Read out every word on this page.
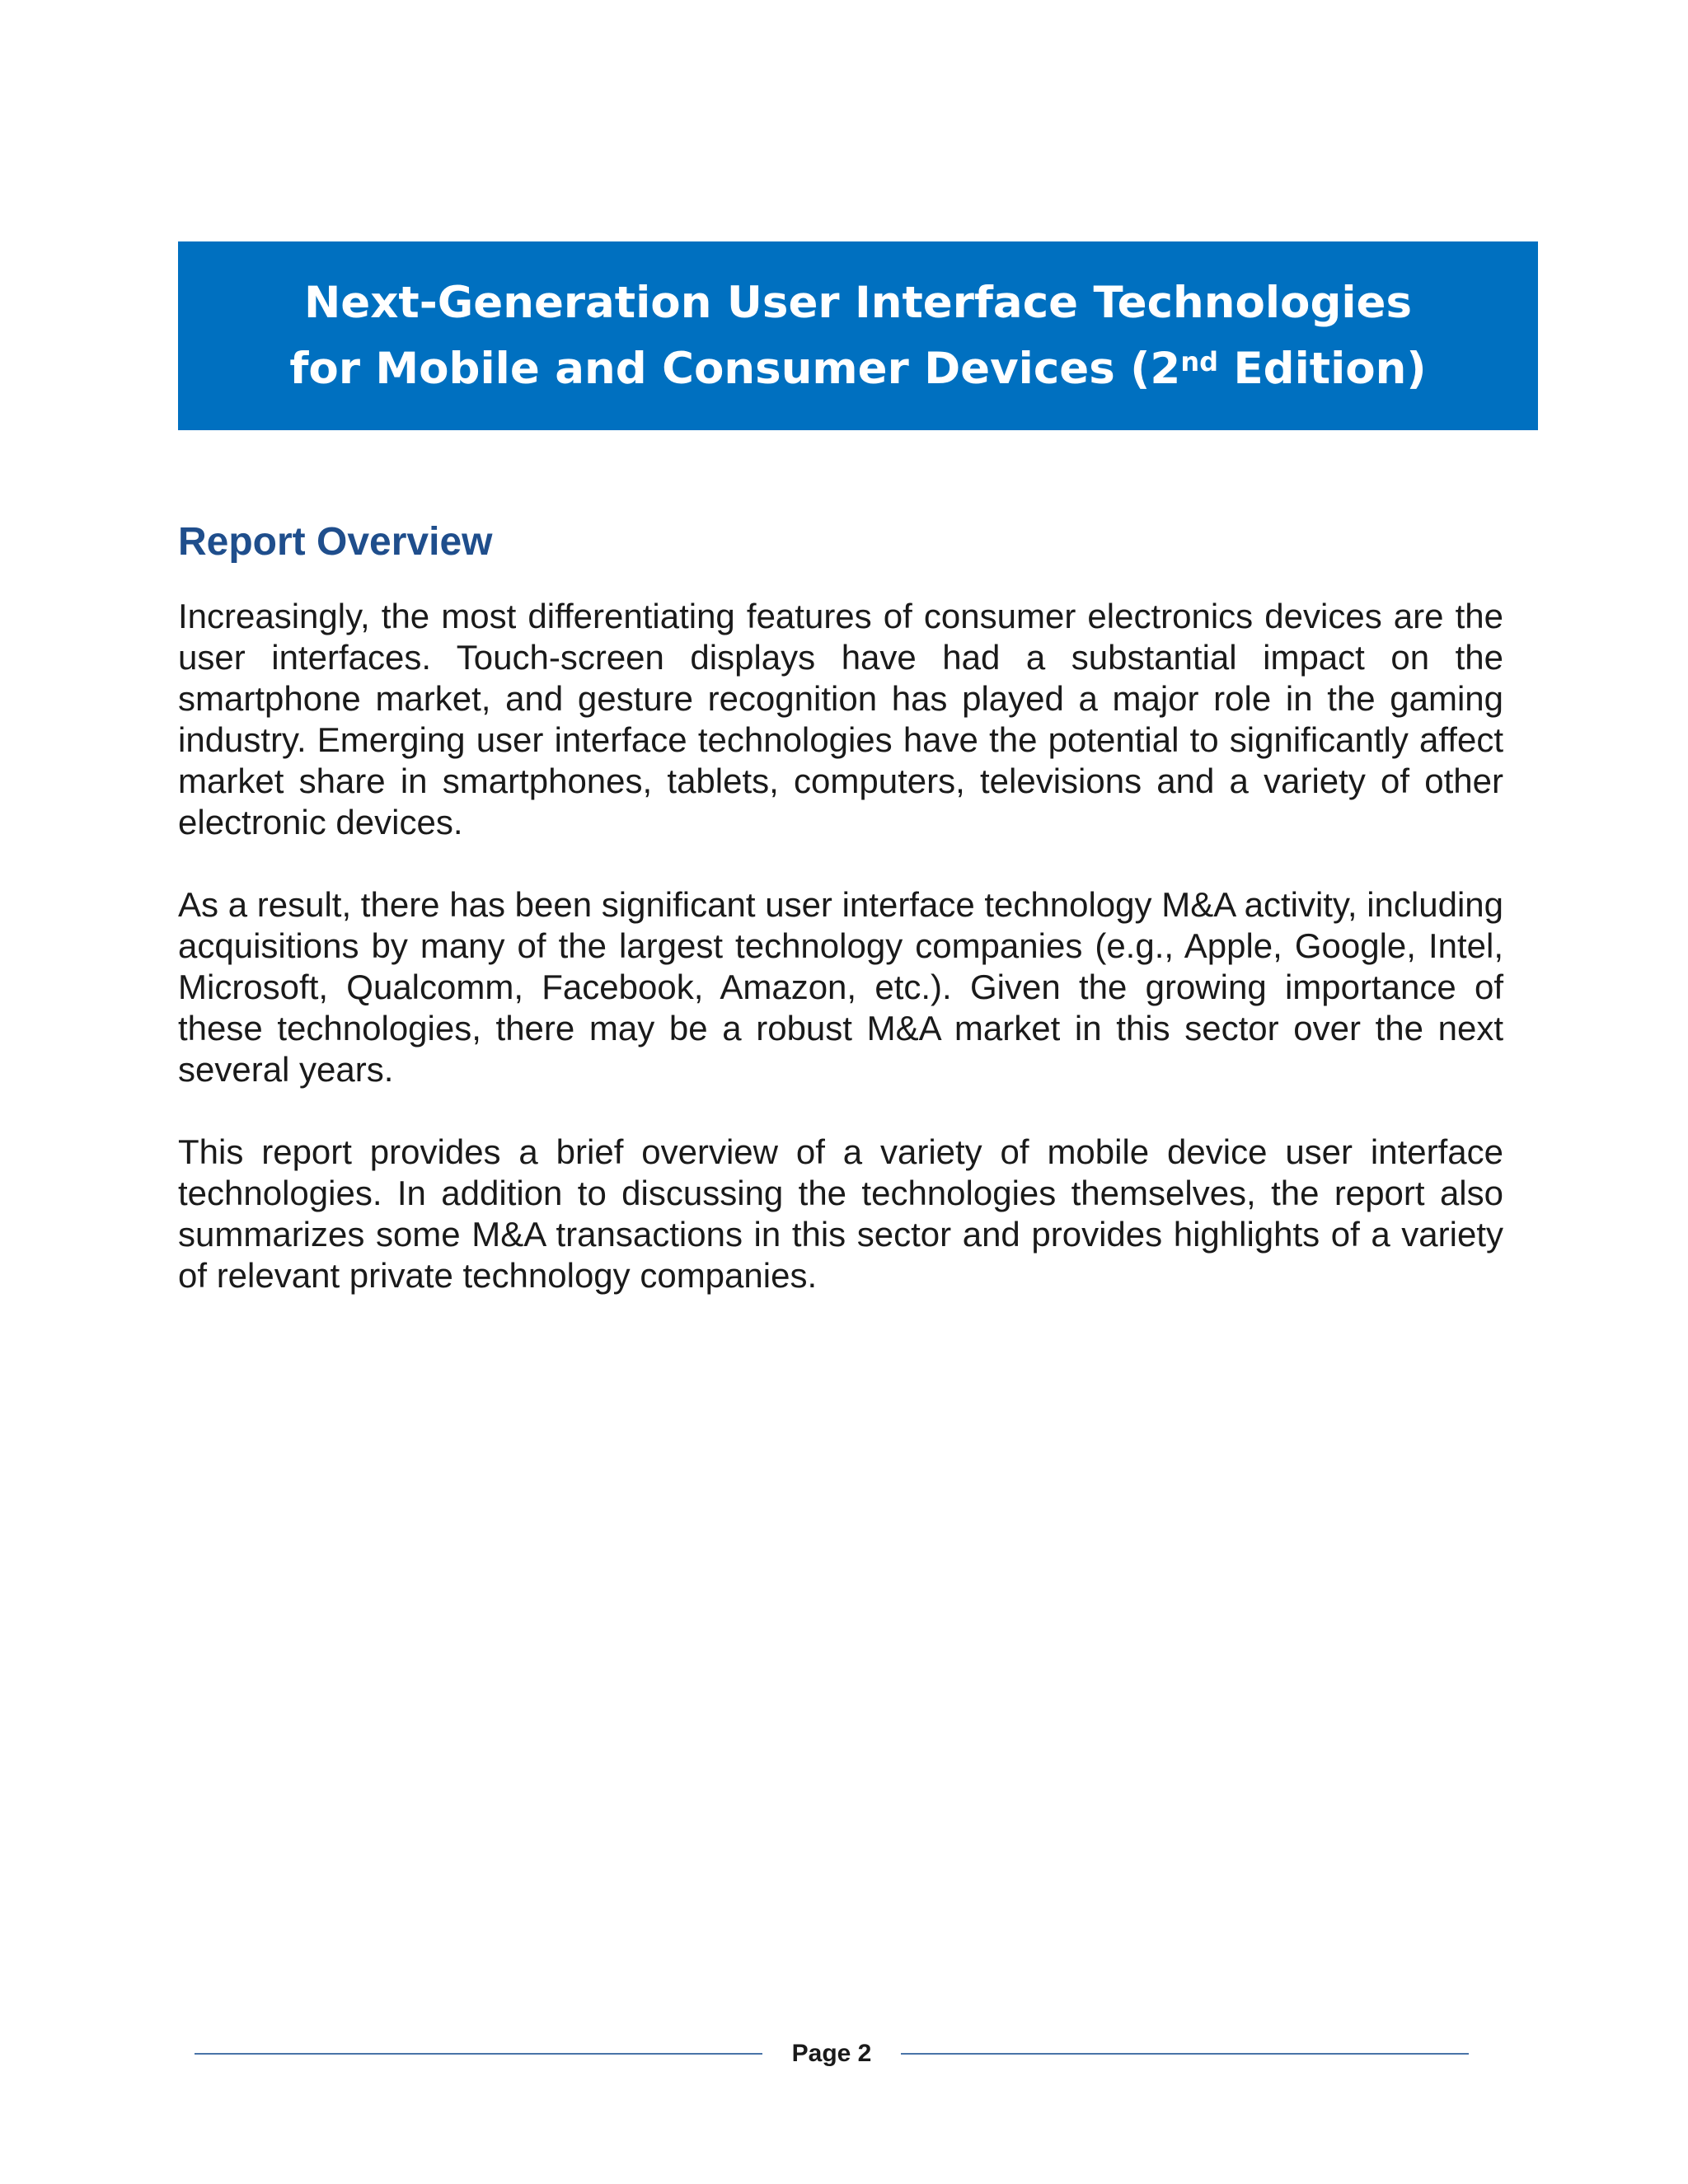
Next-Generation User Interface Technologies
for Mobile and Consumer Devices (2nd Edition)
Report Overview

Increasingly, the most differentiating features of consumer electronics devices are the user interfaces. Touch-screen displays have had a substantial impact on the smartphone market, and gesture recognition has played a major role in the gaming industry. Emerging user interface technologies have the potential to significantly affect market share in smartphones, tablets, computers, televisions and a variety of other electronic devices.

As a result, there has been significant user interface technology M&A activity, including acquisitions by many of the largest technology companies (e.g., Apple, Google, Intel, Microsoft, Qualcomm, Facebook, Amazon, etc.). Given the growing importance of these technologies, there may be a robust M&A market in this sector over the next several years.

This report provides a brief overview of a variety of mobile device user interface technologies. In addition to discussing the technologies themselves, the report also summarizes some M&A transactions in this sector and provides highlights of a variety of relevant private technology companies.

Page 2
